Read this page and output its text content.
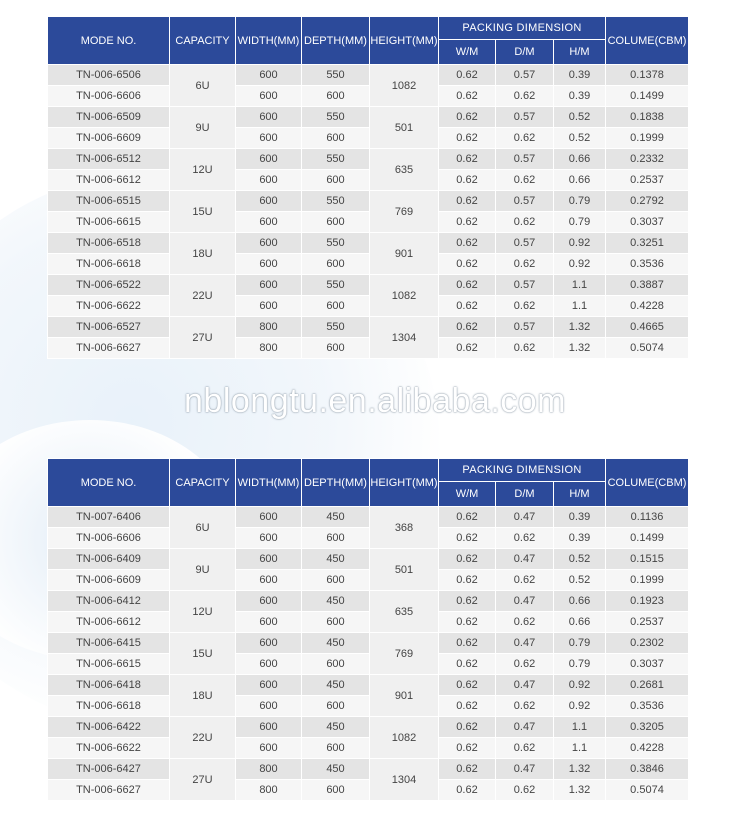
MODE NO.	CAPACITY	WIDTH(MM)	DEPTH(MM)	HEIGHT(MM)	PACKING DIMENSION			COLUME(CBM)
					W/M	D/M	H/M	
TN-006-6506	6U	600	550	1082	0.62	0.57	0.39	0.1378
TN-006-6606		600	600		0.62	0.62	0.39	0.1499
TN-006-6509	9U	600	550	501	0.62	0.57	0.52	0.1838
TN-006-6609		600	600		0.62	0.62	0.52	0.1999
TN-006-6512	12U	600	550	635	0.62	0.57	0.66	0.2332
TN-006-6612		600	600		0.62	0.62	0.66	0.2537
TN-006-6515	15U	600	550	769	0.62	0.57	0.79	0.2792
TN-006-6615		600	600		0.62	0.62	0.79	0.3037
TN-006-6518	18U	600	550	901	0.62	0.57	0.92	0.3251
TN-006-6618		600	600		0.62	0.62	0.92	0.3536
TN-006-6522	22U	600	550	1082	0.62	0.57	1.1	0.3887
TN-006-6622		600	600		0.62	0.62	1.1	0.4228
TN-006-6527	27U	800	550	1304	0.62	0.57	1.32	0.4665
TN-006-6627		800	600		0.62	0.62	1.32	0.5074
nblongtu.en.alibaba.com
MODE NO.	CAPACITY	WIDTH(MM)	DEPTH(MM)	HEIGHT(MM)	PACKING DIMENSION			COLUME(CBM)
					W/M	D/M	H/M	
TN-007-6406	6U	600	450	368	0.62	0.47	0.39	0.1136
TN-006-6606		600	600		0.62	0.62	0.39	0.1499
TN-006-6409	9U	600	450	501	0.62	0.47	0.52	0.1515
TN-006-6609		600	600		0.62	0.62	0.52	0.1999
TN-006-6412	12U	600	450	635	0.62	0.47	0.66	0.1923
TN-006-6612		600	600		0.62	0.62	0.66	0.2537
TN-006-6415	15U	600	450	769	0.62	0.47	0.79	0.2302
TN-006-6615		600	600		0.62	0.62	0.79	0.3037
TN-006-6418	18U	600	450	901	0.62	0.47	0.92	0.2681
TN-006-6618		600	600		0.62	0.62	0.92	0.3536
TN-006-6422	22U	600	450	1082	0.62	0.47	1.1	0.3205
TN-006-6622		600	600		0.62	0.62	1.1	0.4228
TN-006-6427	27U	800	450	1304	0.62	0.47	1.32	0.3846
TN-006-6627		800	600		0.62	0.62	1.32	0.5074
